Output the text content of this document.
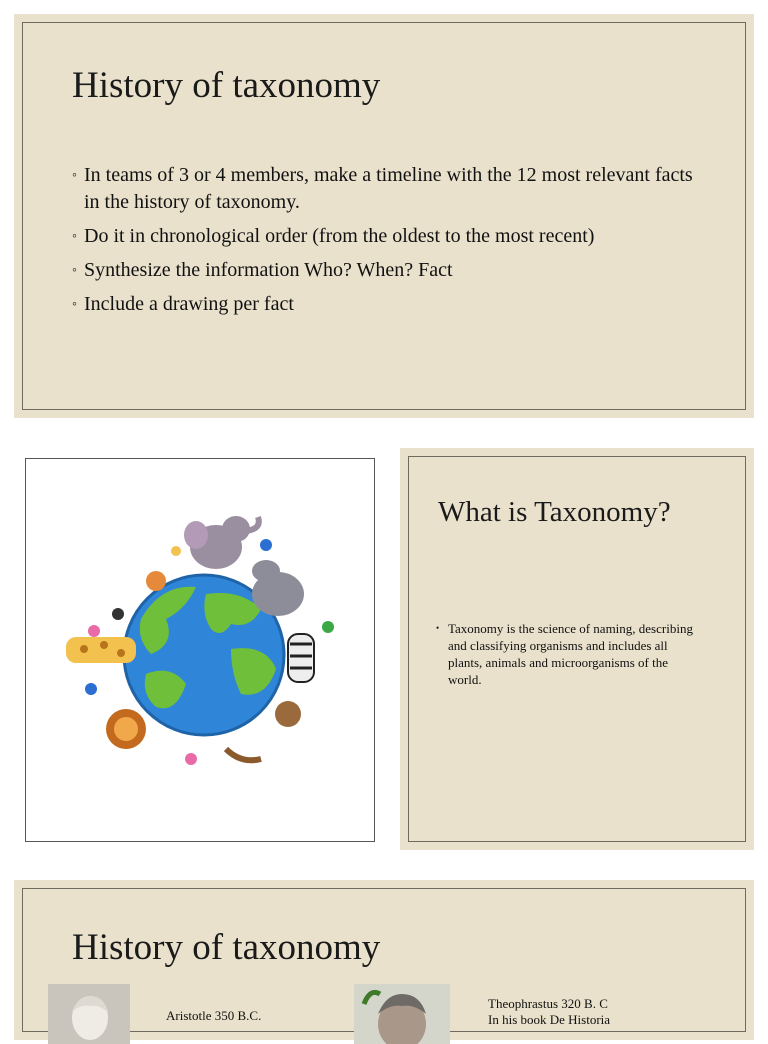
History of taxonomy
◦ In teams of 3 or 4 members, make a timeline with the 12 most relevant facts in the history of taxonomy.
◦ Do it in chronological order (from the oldest to the most recent)
◦ Synthesize the information Who? When? Fact
◦ Include a drawing per fact
What is Taxonomy?
• Taxonomy is the science of naming, describing and classifying organisms and includes all plants, animals and microorganisms of the world.
History of taxonomy
Aristotle 350 B.C.
Theophrastus 320 B. C
In his book De Historia
